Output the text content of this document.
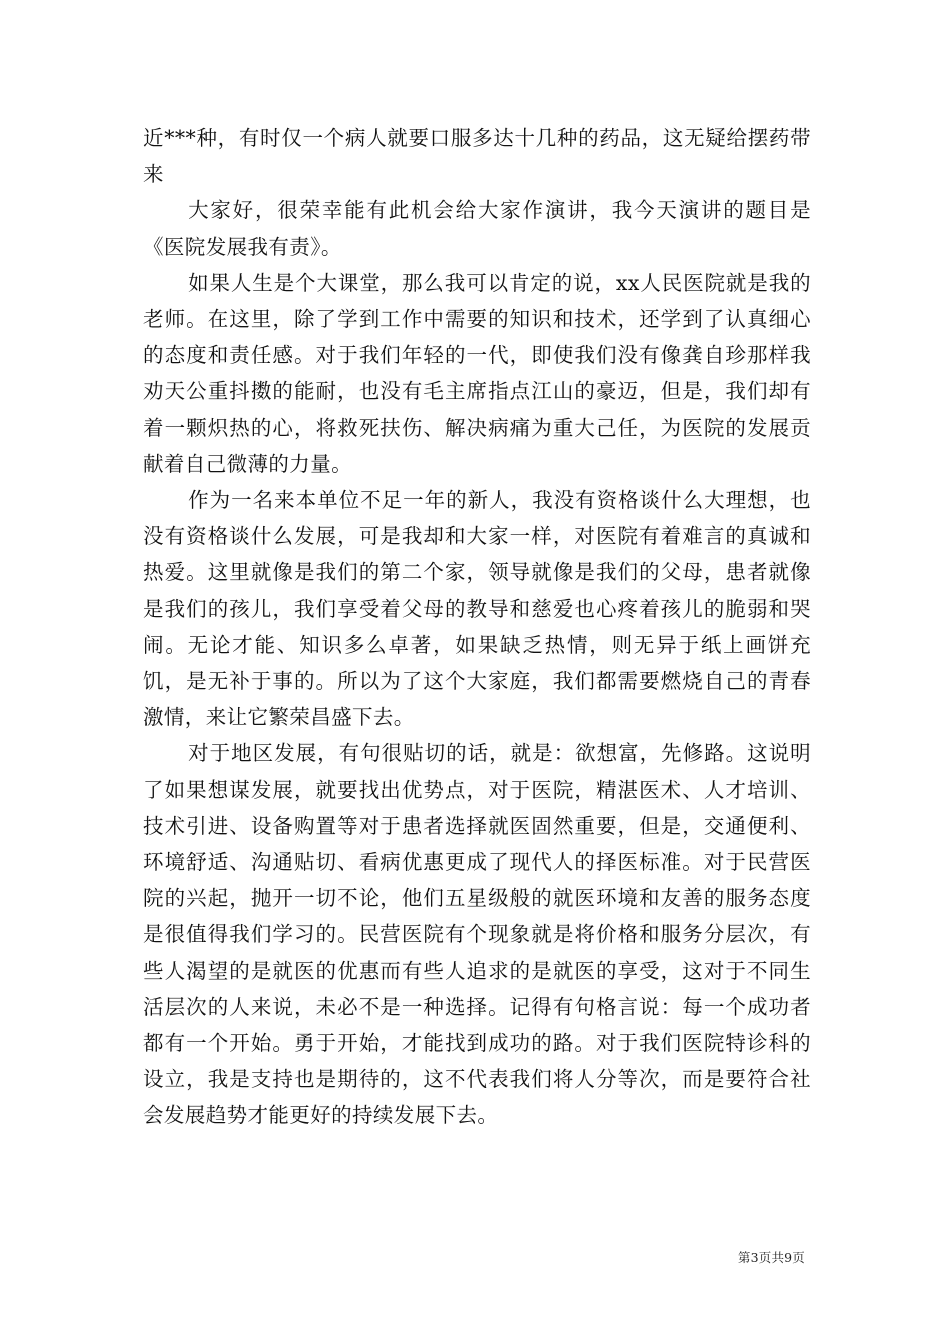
近***种，有时仅一个病人就要口服多达十几种的药品，这无疑给摆药带来

大家好，很荣幸能有此机会给大家作演讲，我今天演讲的题目是《医院发展我有责》。

如果人生是个大课堂，那么我可以肯定的说，xx人民医院就是我的老师。在这里，除了学到工作中需要的知识和技术，还学到了认真细心的态度和责任感。对于我们年轻的一代，即使我们没有像龚自珍那样我劝天公重抖擞的能耐，也没有毛主席指点江山的豪迈，但是，我们却有着一颗炽热的心，将救死扶伤、解决病痛为重大己任，为医院的发展贡献着自己微薄的力量。

作为一名来本单位不足一年的新人，我没有资格谈什么大理想，也没有资格谈什么发展，可是我却和大家一样，对医院有着难言的真诚和热爱。这里就像是我们的第二个家，领导就像是我们的父母，患者就像是我们的孩儿，我们享受着父母的教导和慈爱也心疼着孩儿的脆弱和哭闹。无论才能、知识多么卓著，如果缺乏热情，则无异于纸上画饼充饥，是无补于事的。所以为了这个大家庭，我们都需要燃烧自己的青春激情，来让它繁荣昌盛下去。

对于地区发展，有句很贴切的话，就是：欲想富，先修路。这说明了如果想谋发展，就要找出优势点，对于医院，精湛医术、人才培训、技术引进、设备购置等对于患者选择就医固然重要，但是，交通便利、环境舒适、沟通贴切、看病优惠更成了现代人的择医标准。对于民营医院的兴起，抛开一切不论，他们五星级般的就医环境和友善的服务态度是很值得我们学习的。民营医院有个现象就是将价格和服务分层次，有些人渴望的是就医的优惠而有些人追求的是就医的享受，这对于不同生活层次的人来说，未必不是一种选择。记得有句格言说：每一个成功者都有一个开始。勇于开始，才能找到成功的路。对于我们医院特诊科的设立，我是支持也是期待的，这不代表我们将人分等次，而是要符合社会发展趋势才能更好的持续发展下去。

第3页共9页
